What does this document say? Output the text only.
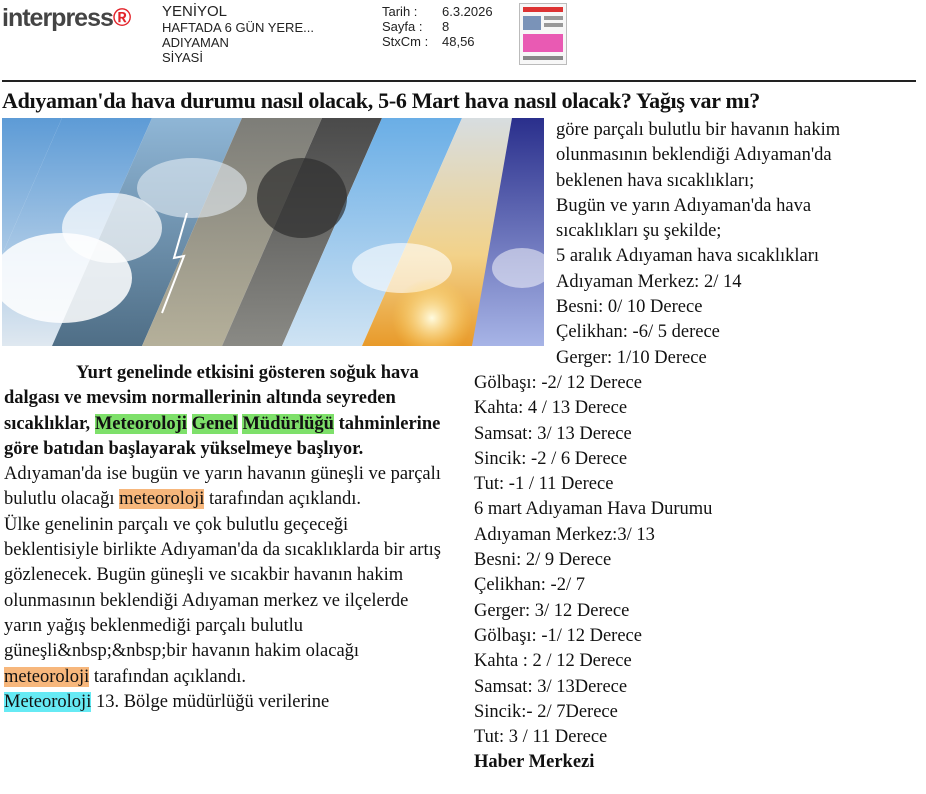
interpress® YENİYOL
HAFTADA 6 GÜN YERE...
ADIYAMAN
SİYASİ
Tarih :	6.3.2026
Sayfa :	8
StxCm :	48,56
Adıyaman'da hava durumu nasıl olacak, 5-6 Mart hava nasıl olacak? Yağış var mı?

Yurt genelinde etkisini gösteren soğuk hava dalgası ve mevsim normallerinin altında seyreden sıcaklıklar, Meteoroloji Genel Müdürlüğü tahminlerine göre batıdan başlayarak yükselmeye başlıyor.

Adıyaman'da ise bugün ve yarın havanın güneşli ve parçalı bulutlu olacağı meteoroloji tarafından açıklandı.

Ülke genelinin parçalı ve çok bulutlu geçeceği beklentisiyle birlikte Adıyaman'da da sıcaklıklarda bir artış gözlenecek. Bugün güneşli ve sıcakbir havanın hakim olunmasının beklendiği Adıyaman merkez ve ilçelerde yarın yağış beklenmediği parçalı bulutlu güneşli&nbsp;&nbsp;bir havanın hakim olacağı meteoroloji tarafından açıklandı.

Meteoroloji 13. Bölge müdürlüğü verilerine

göre parçalı bulutlu bir havanın hakim
olunmasının beklendiği Adıyaman'da
beklenen hava sıcaklıkları;
Bugün ve yarın Adıyaman'da hava
sıcaklıkları şu şekilde;
5 aralık Adıyaman hava sıcaklıkları
Adıyaman Merkez: 2/ 14
Besni: 0/ 10 Derece
Çelikhan: -6/ 5 derece
Gerger: 1/10 Derece
Gölbaşı: -2/ 12 Derece
Kahta: 4 / 13 Derece
Samsat: 3/ 13 Derece
Sincik: -2 / 6 Derece
Tut: -1 / 11 Derece
6 mart Adıyaman Hava Durumu
Adıyaman Merkez:3/ 13
Besni: 2/ 9 Derece
Çelikhan: -2/ 7
Gerger: 3/ 12 Derece
Gölbaşı: -1/ 12 Derece
Kahta : 2 / 12 Derece
Samsat: 3/ 13Derece
Sincik:- 2/ 7Derece
Tut: 3 / 11 Derece
Haber Merkezi
